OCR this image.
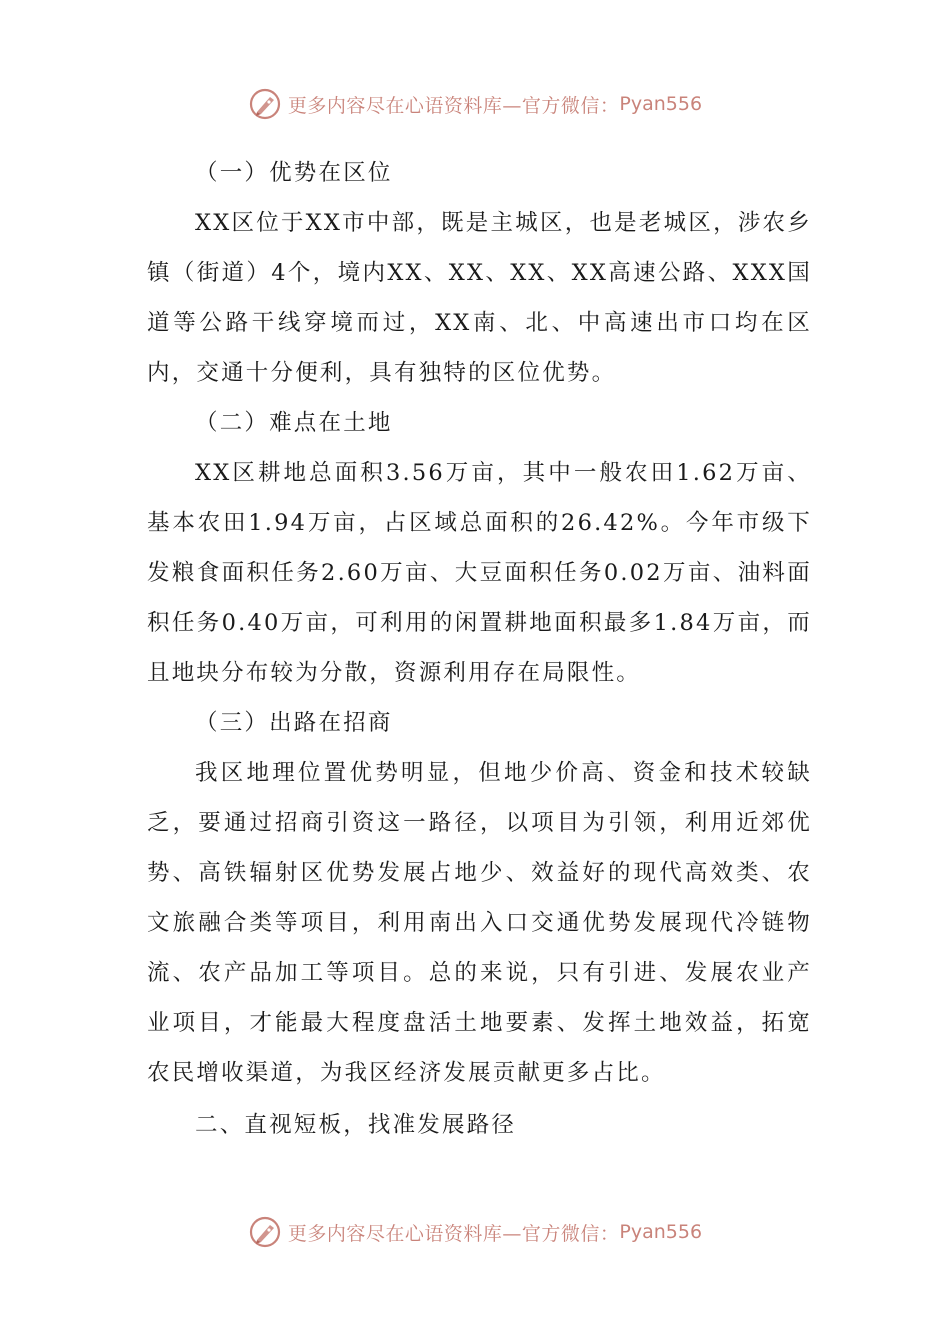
更多内容尽在心语资料库—官方微信： Pyan556

（一）优势在区位

XX区位于XX市中部，既是主城区，也是老城区，涉农乡镇（街道）4个，境内XX、XX、XX、XX高速公路、XXX国道等公路干线穿境而过，XX南、北、中高速出市口均在区内，交通十分便利，具有独特的区位优势。

（二）难点在土地

XX区耕地总面积3.56万亩，其中一般农田1.62万亩、基本农田1.94万亩，占区域总面积的26.42%。今年市级下发粮食面积任务2.60万亩、大豆面积任务0.02万亩、油料面积任务0.40万亩，可利用的闲置耕地面积最多1.84万亩，而且地块分布较为分散，资源利用存在局限性。

（三）出路在招商

我区地理位置优势明显，但地少价高、资金和技术较缺乏，要通过招商引资这一路径，以项目为引领，利用近郊优势、高铁辐射区优势发展占地少、效益好的现代高效类、农文旅融合类等项目，利用南出入口交通优势发展现代冷链物流、农产品加工等项目。总的来说，只有引进、发展农业产业项目，才能最大程度盘活土地要素、发挥土地效益，拓宽农民增收渠道，为我区经济发展贡献更多占比。

二、直视短板，找准发展路径

更多内容尽在心语资料库—官方微信： Pyan556
